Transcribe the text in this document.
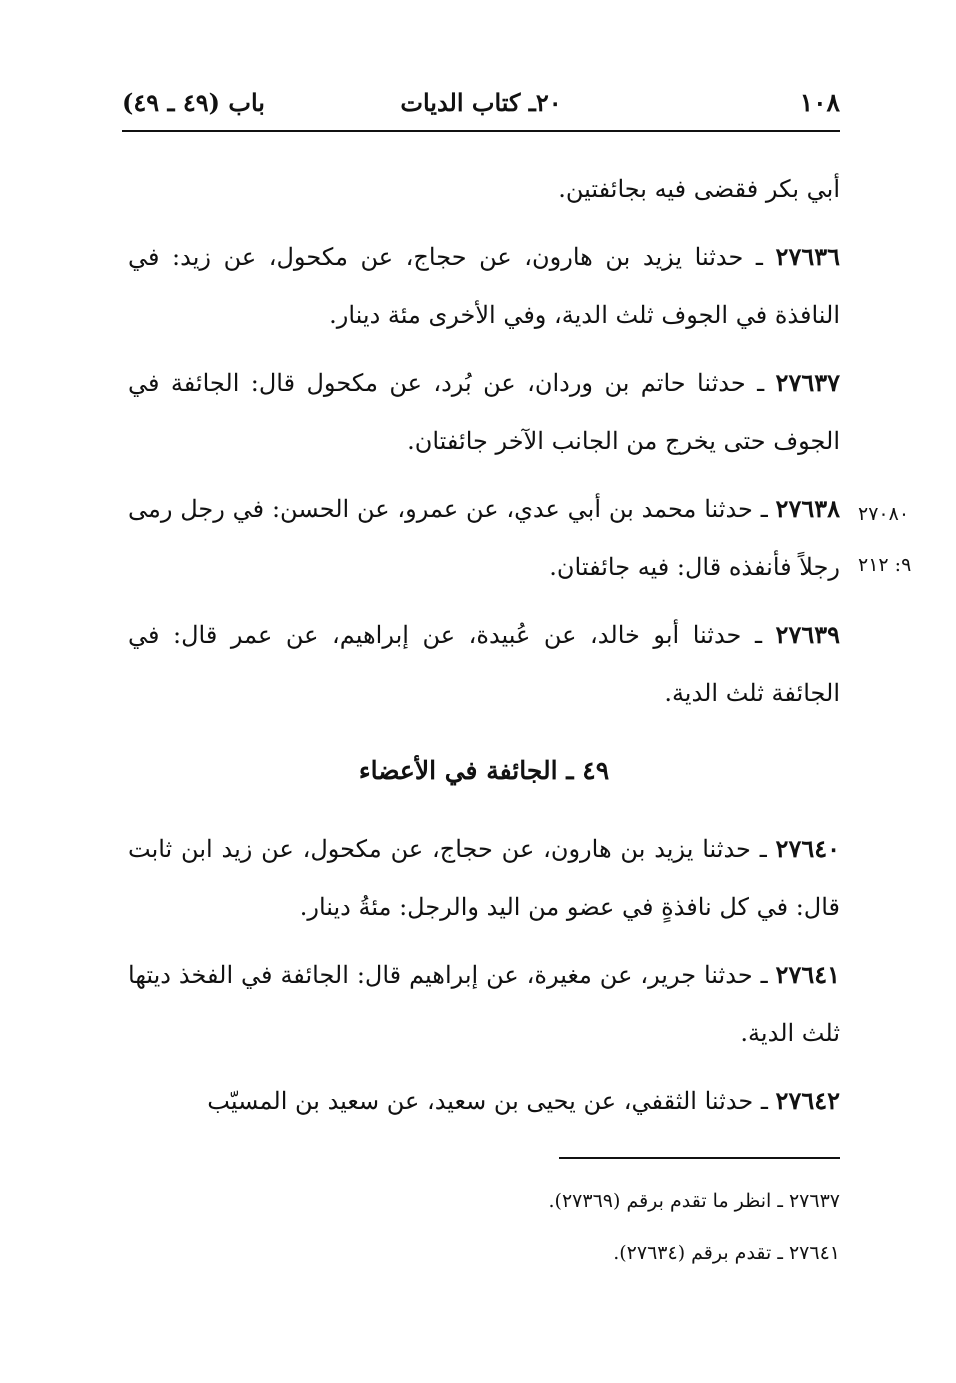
١٠٨
٢٠ـ كتاب الديات
باب (٤٩ ـ ٤٩)

أبي بكر فقضى فيه بجائفتين.

٢٧٦٣٦ ـ حدثنا يزيد بن هارون، عن حجاج، عن مكحول، عن زيد: في النافذة في الجوف ثلث الدية، وفي الأخرى مئة دينار.

٢٧٦٣٧ ـ حدثنا حاتم بن وردان، عن بُرد، عن مكحول قال: الجائفة في الجوف حتى يخرج من الجانب الآخر جائفتان.

٢٧٦٣٨ ـ حدثنا محمد بن أبي عدي، عن عمرو، عن الحسن: في رجل رمى رجلاً فأنفذه قال: فيه جائفتان.

٢٧٦٣٩ ـ حدثنا أبو خالد، عن عُبيدة، عن إبراهيم، عن عمر قال: في الجائفة ثلث الدية.

٤٩ ـ الجائفة في الأعضاء

٢٧٦٤٠ ـ حدثنا يزيد بن هارون، عن حجاج، عن مكحول، عن زيد ابن ثابت قال: في كل نافذةٍ في عضو من اليد والرجل: مئةُ دينار.

٢٧٦٤١ ـ حدثنا جرير، عن مغيرة، عن إبراهيم قال: الجائفة في الفخذ ديتها ثلث الدية.

٢٧٦٤٢ ـ حدثنا الثقفي، عن يحيى بن سعيد، عن سعيد بن المسيّب

٢٧٠٨٠
٩: ٢١٢

٢٧٦٣٧ ـ انظر ما تقدم برقم (٢٧٣٦٩).

٢٧٦٤١ ـ تقدم برقم (٢٧٦٣٤).
